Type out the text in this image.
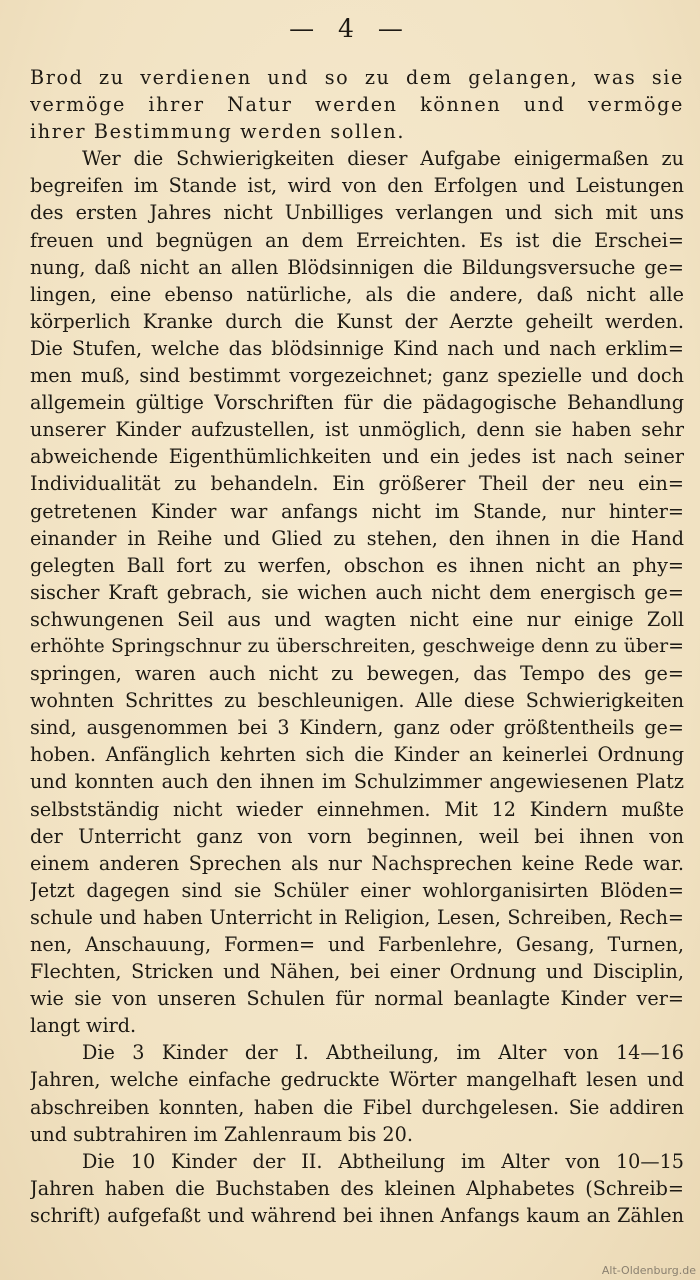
— 4 —
Brod zu verdienen und so zu dem gelangen, was sie
vermöge ihrer Natur werden können und vermöge
ihrer Bestimmung werden sollen.
Wer die Schwierigkeiten dieser Aufgabe einigermaßen zu
begreifen im Stande ist, wird von den Erfolgen und Leistungen
des ersten Jahres nicht Unbilliges verlangen und sich mit uns
freuen und begnügen an dem Erreichten. Es ist die Erschei=
nung, daß nicht an allen Blödsinnigen die Bildungsversuche ge=
lingen, eine ebenso natürliche, als die andere, daß nicht alle
körperlich Kranke durch die Kunst der Aerzte geheilt werden.
Die Stufen, welche das blödsinnige Kind nach und nach erklim=
men muß, sind bestimmt vorgezeichnet; ganz spezielle und doch
allgemein gültige Vorschriften für die pädagogische Behandlung
unserer Kinder aufzustellen, ist unmöglich, denn sie haben sehr
abweichende Eigenthümlichkeiten und ein jedes ist nach seiner
Individualität zu behandeln. Ein größerer Theil der neu ein=
getretenen Kinder war anfangs nicht im Stande, nur hinter=
einander in Reihe und Glied zu stehen, den ihnen in die Hand
gelegten Ball fort zu werfen, obschon es ihnen nicht an phy=
sischer Kraft gebrach, sie wichen auch nicht dem energisch ge=
schwungenen Seil aus und wagten nicht eine nur einige Zoll
erhöhte Springschnur zu überschreiten, geschweige denn zu über=
springen, waren auch nicht zu bewegen, das Tempo des ge=
wohnten Schrittes zu beschleunigen. Alle diese Schwierigkeiten
sind, ausgenommen bei 3 Kindern, ganz oder größtentheils ge=
hoben. Anfänglich kehrten sich die Kinder an keinerlei Ordnung
und konnten auch den ihnen im Schulzimmer angewiesenen Platz
selbstständig nicht wieder einnehmen. Mit 12 Kindern mußte
der Unterricht ganz von vorn beginnen, weil bei ihnen von
einem anderen Sprechen als nur Nachsprechen keine Rede war.
Jetzt dagegen sind sie Schüler einer wohlorganisirten Blöden=
schule und haben Unterricht in Religion, Lesen, Schreiben, Rech=
nen, Anschauung, Formen= und Farbenlehre, Gesang, Turnen,
Flechten, Stricken und Nähen, bei einer Ordnung und Disciplin,
wie sie von unseren Schulen für normal beanlagte Kinder ver=
langt wird.
Die 3 Kinder der I. Abtheilung, im Alter von 14—16
Jahren, welche einfache gedruckte Wörter mangelhaft lesen und
abschreiben konnten, haben die Fibel durchgelesen. Sie addiren
und subtrahiren im Zahlenraum bis 20.
Die 10 Kinder der II. Abtheilung im Alter von 10—15
Jahren haben die Buchstaben des kleinen Alphabetes (Schreib=
schrift) aufgefaßt und während bei ihnen Anfangs kaum an Zählen
Alt-Oldenburg.de
